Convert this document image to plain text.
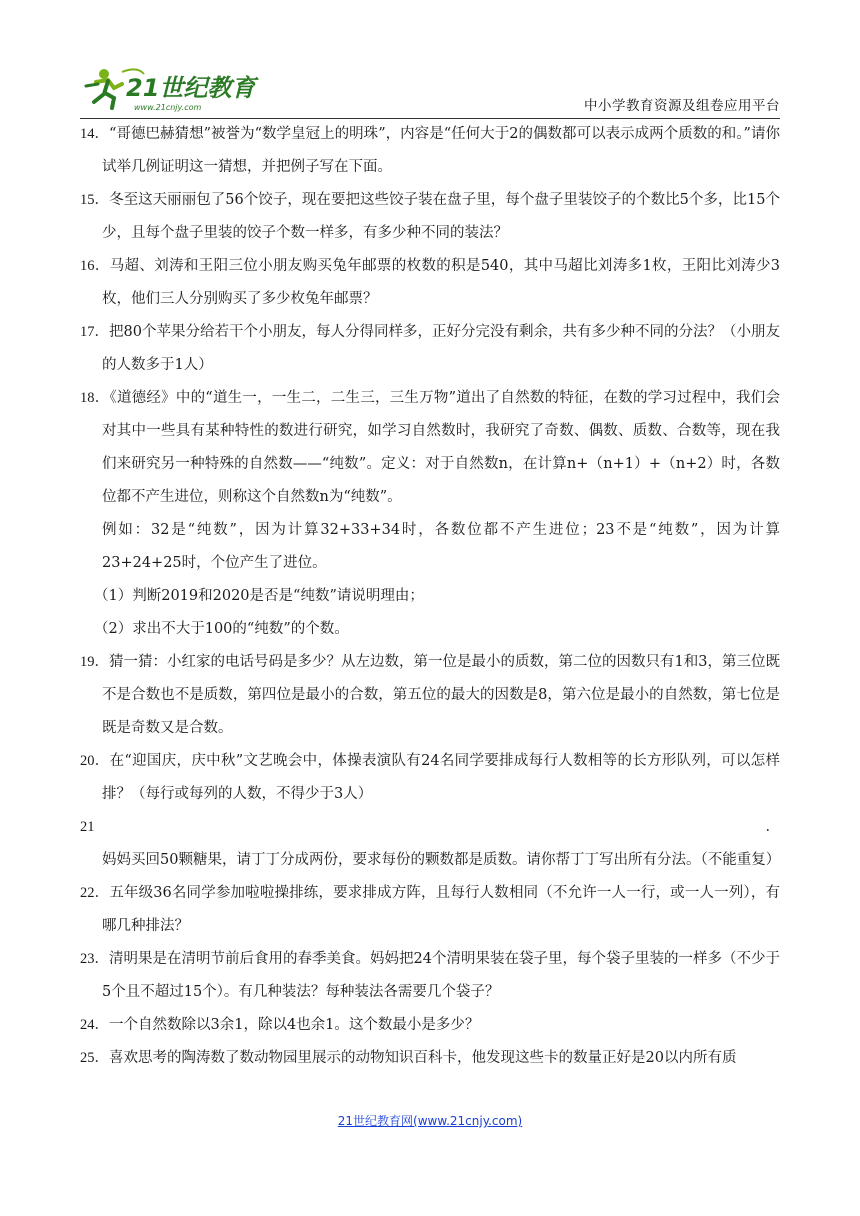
21世纪教育
www.21cnjy.com	中小学教育资源及组卷应用平台

14．“哥德巴赫猜想”被誉为“数学皇冠上的明珠”，内容是“任何大于2的偶数都可以表示成两个质数的和。”请你试举几例证明这一猜想，并把例子写在下面。

15．冬至这天丽丽包了56个饺子，现在要把这些饺子装在盘子里，每个盘子里装饺子的个数比5个多，比15个少，且每个盘子里装的饺子个数一样多，有多少种不同的装法？

16．马超、刘涛和王阳三位小朋友购买兔年邮票的枚数的积是540，其中马超比刘涛多1枚，王阳比刘涛少3枚，他们三人分别购买了多少枚兔年邮票？

17．把80个苹果分给若干个小朋友，每人分得同样多，正好分完没有剩余，共有多少种不同的分法？（小朋友的人数多于1人）

18．《道德经》中的“道生一，一生二，二生三，三生万物”道出了自然数的特征，在数的学习过程中，我们会对其中一些具有某种特性的数进行研究，如学习自然数时，我研究了奇数、偶数、质数、合数等，现在我们来研究另一种特殊的自然数——“纯数”。定义：对于自然数n，在计算n+（n+1）+（n+2）时，各数位都不产生进位，则称这个自然数n为“纯数”。

例如：32是“纯数”，因为计算32+33+34时，各数位都不产生进位；23不是“纯数”，因为计算23+24+25时，个位产生了进位。

（1）判断2019和2020是否是“纯数”请说明理由；

（2）求出不大于100的“纯数”的个数。

19．猜一猜：小红家的电话号码是多少？从左边数，第一位是最小的质数，第二位的因数只有1和3，第三位既不是合数也不是质数，第四位是最小的合数，第五位的最大的因数是8，第六位是最小的自然数，第七位是既是奇数又是合数。

20．在“迎国庆，庆中秋”文艺晚会中，体操表演队有24名同学要排成每行人数相等的长方形队列，可以怎样排？（每行或每列的人数，不得少于3人）

21．妈妈买回50颗糖果，请丁丁分成两份，要求每份的颗数都是质数。请你帮丁丁写出所有分法。（不能重复）

22．五年级36名同学参加啦啦操排练，要求排成方阵，且每行人数相同（不允许一人一行，或一人一列），有哪几种排法？

23．清明果是在清明节前后食用的春季美食。妈妈把24个清明果装在袋子里，每个袋子里装的一样多（不少于5个且不超过15个）。有几种装法？每种装法各需要几个袋子？

24．一个自然数除以3余1，除以4也余1。这个数最小是多少？

25．喜欢思考的陶涛数了数动物园里展示的动物知识百科卡，他发现这些卡的数量正好是20以内所有质

21世纪教育网(www.21cnjy.com)
